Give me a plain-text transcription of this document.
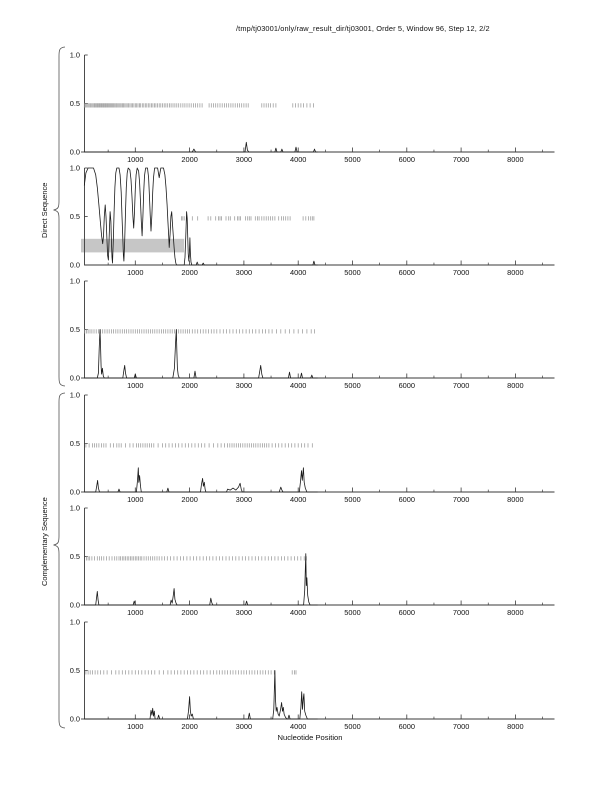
/tmp/tj03001/only/raw_result_dir/tj03001, Order 5, Window 96, Step 12, 2/2
Direct Sequence
Complementary Sequence
Nucleotide Position
0.0
0.5
1.0
1000	2000	3000	4000	5000	6000	7000	8000
0.0
0.5
1.0
1000	2000	3000	4000	5000	6000	7000	8000
0.0
0.5
1.0
1000	2000	3000	4000	5000	6000	7000	8000
0.0
0.5
1.0
1000	2000	3000	4000	5000	6000	7000	8000
0.0
0.5
1.0
1000	2000	3000	4000	5000	6000	7000	8000
0.0
0.5
1.0
1000	2000	3000	4000	5000	6000	7000	8000
